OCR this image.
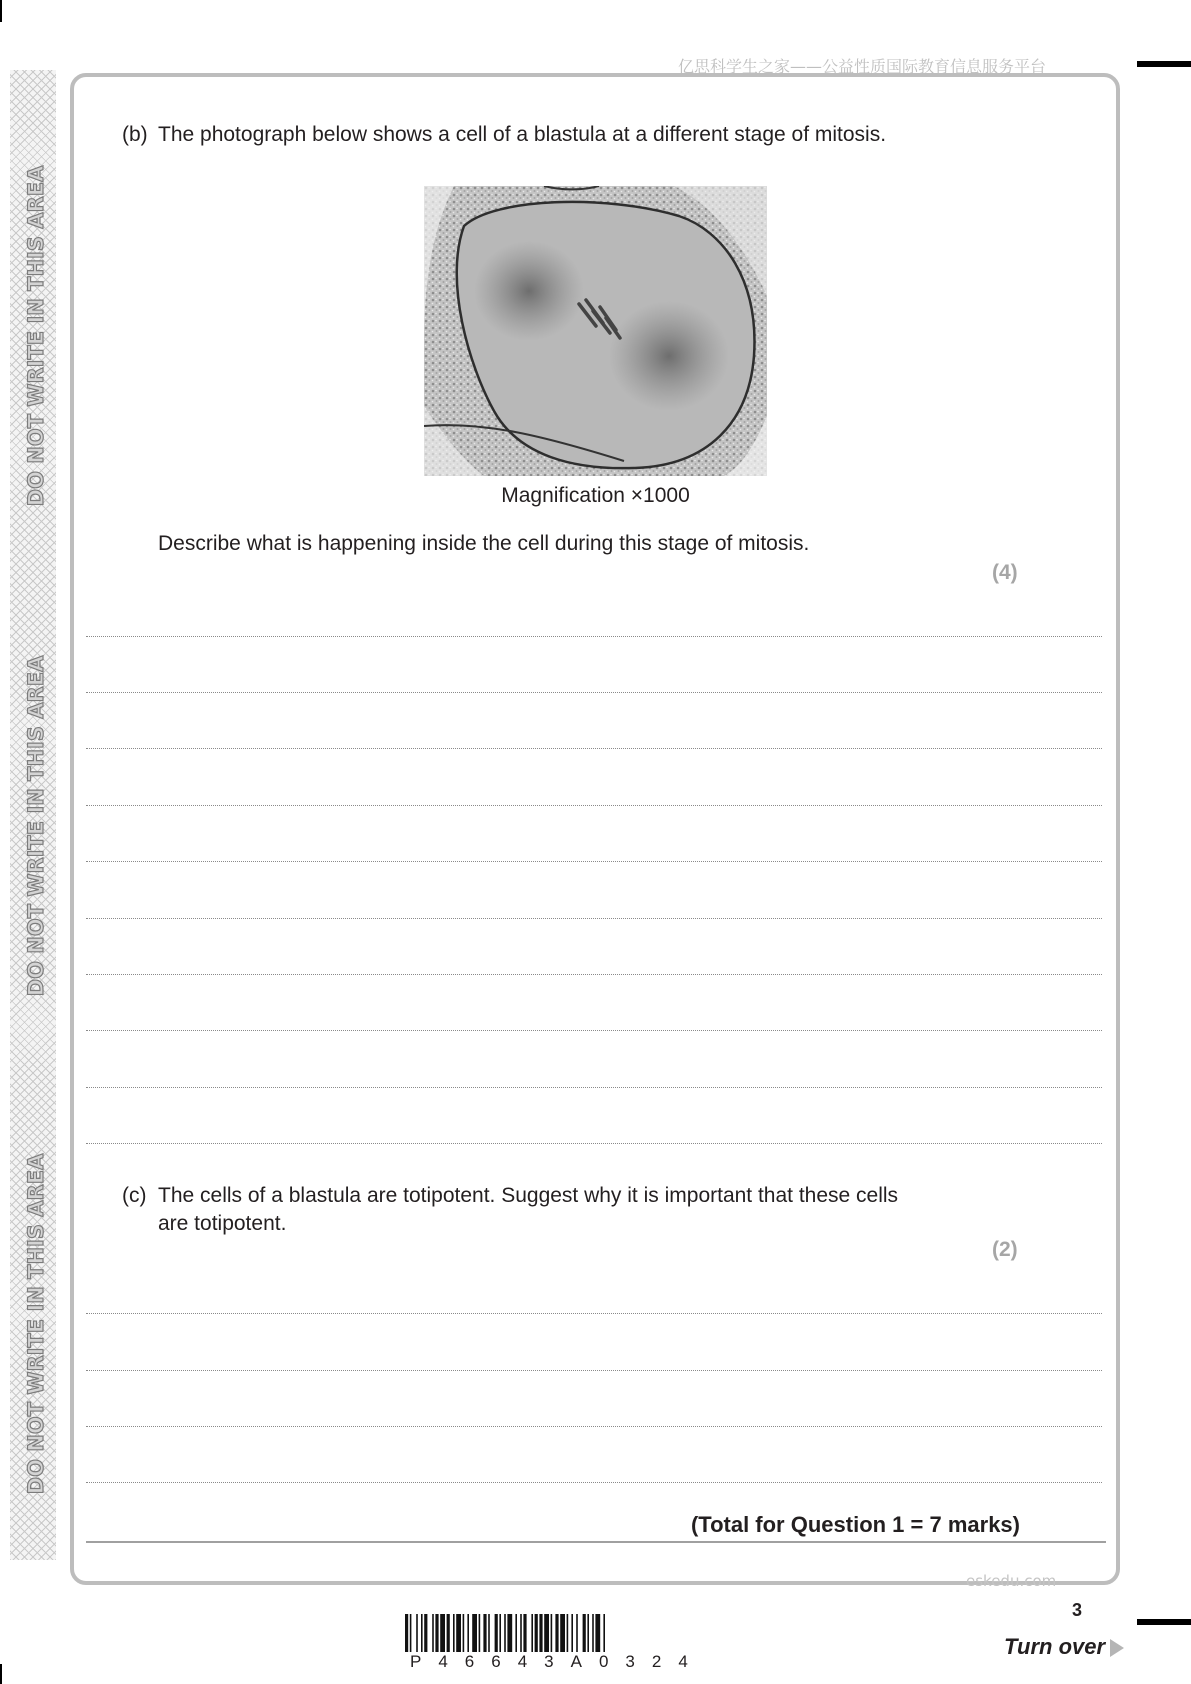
DO NOT WRITE IN THIS AREA
DO NOT WRITE IN THIS AREA
DO NOT WRITE IN THIS AREA
亿思科学生之家——公益性质国际教育信息服务平台
(b) The photograph below shows a cell of a blastula at a different stage of mitosis.
Magnification ×1000
Describe what is happening inside the cell during this stage of mitosis.
(4)
(c) The cells of a blastula are totipotent. Suggest why it is important that these cells
are totipotent.
(2)
(Total for Question 1 = 7 marks)
eskedu.com
3
Turn over
P46643A0324
